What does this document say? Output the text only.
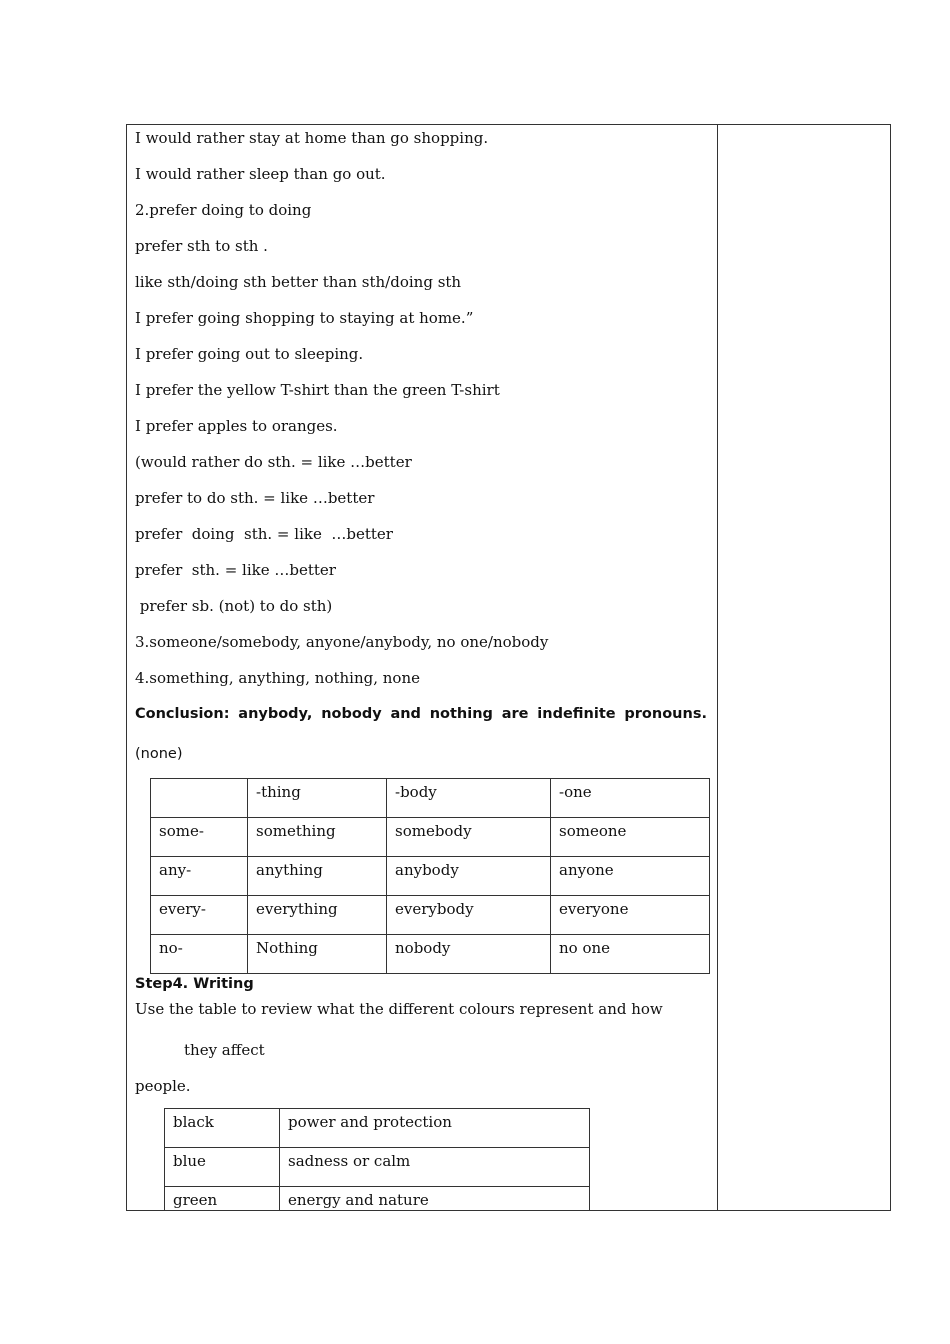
I would rather stay at home than go shopping.
I would rather sleep than go out.
2.prefer doing to doing
prefer sth to sth .
like sth/doing sth better than sth/doing sth
I prefer going shopping to staying at home.”
I prefer going out to sleeping.
I prefer the yellow T-shirt than the green T-shirt
I prefer apples to oranges.
(would rather do sth. = like …better
prefer to do sth. = like …better
prefer  doing  sth. = like  …better
prefer  sth. = like …better
prefer sb. (not) to do sth)
3.someone/somebody, anyone/anybody, no one/nobody
4.something, anything, nothing, none
Conclusion: anybody, nobody and nothing are indefinite pronouns.
(none)
	-thing	-body	-one
some-	something	somebody	someone
any-	anything	anybody	anyone
every-	everything	everybody	everyone
no-	Nothing	nobody	no one
Step4. Writing
Use the table to review what the different colours represent and how
they affect
people.
black	power and protection
blue	sadness or calm
green	energy and nature
